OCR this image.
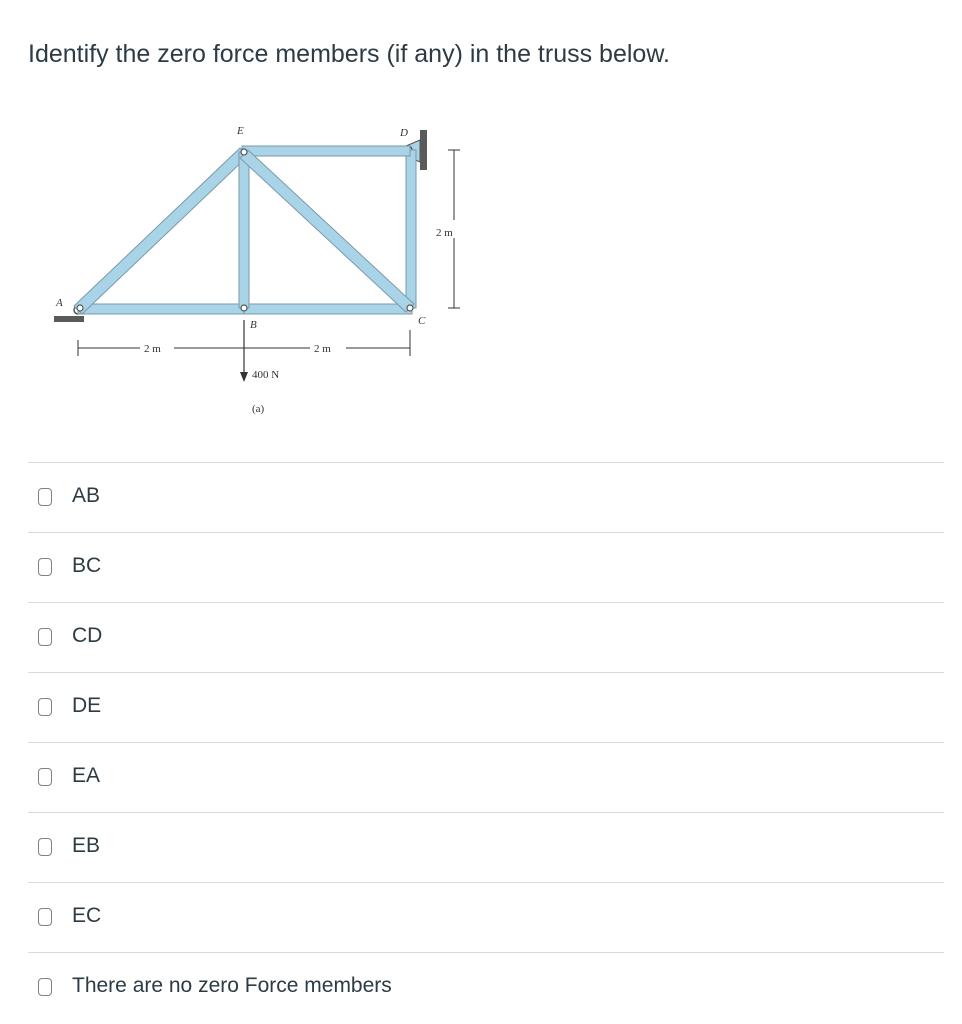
Identify the zero force members (if any) in the truss below.
A
B	C
D
E
2 m
2 m	2 m
400 N
(a)
AB
BC
CD
DE
EA
EB
EC
There are no zero Force members
